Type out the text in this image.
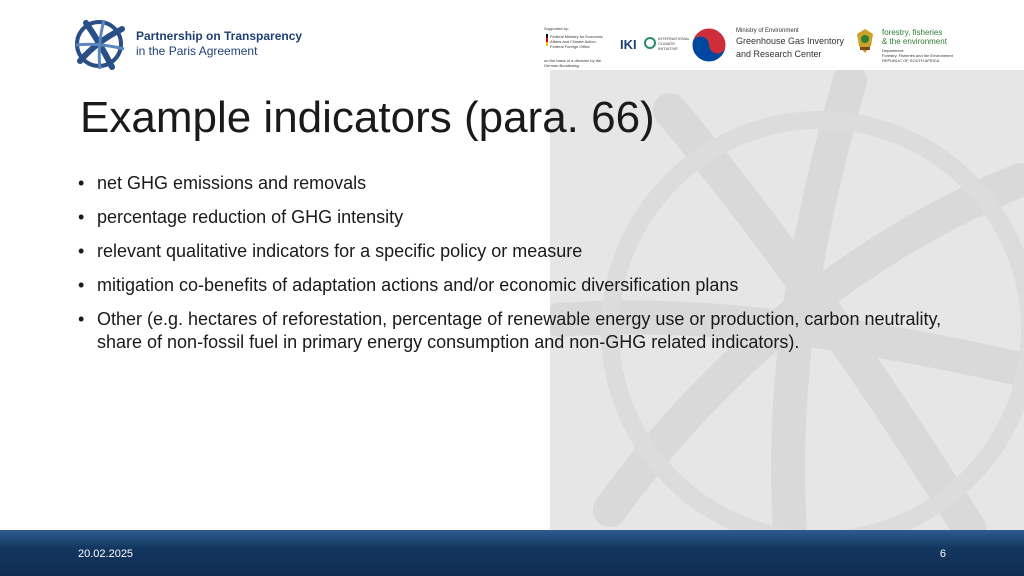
Partnership on Transparency
in the Paris Agreement
Supported by:
Federal Ministry for Economic Affairs and Climate Action Federal Foreign Office
on the basis of a decision by the German Bundestag
IKI	INTERNATIONAL CLIMATE INITIATIVE
Ministry of Environment
Greenhouse Gas Inventory
and Research Center
forestry, fisheries
& the environment
Department:
Forestry, Fisheries and the Environment
REPUBLIC OF SOUTH AFRICA
Example indicators (para. 66)
• net GHG emissions and removals
• percentage reduction of GHG intensity
• relevant qualitative indicators for a specific policy or measure
• mitigation co-benefits of adaptation actions and/or economic diversification plans
• Other (e.g. hectares of reforestation, percentage of renewable energy use or production, carbon neutrality, share of non-fossil fuel in primary energy consumption and non-GHG related indicators).
20.02.2025	6
